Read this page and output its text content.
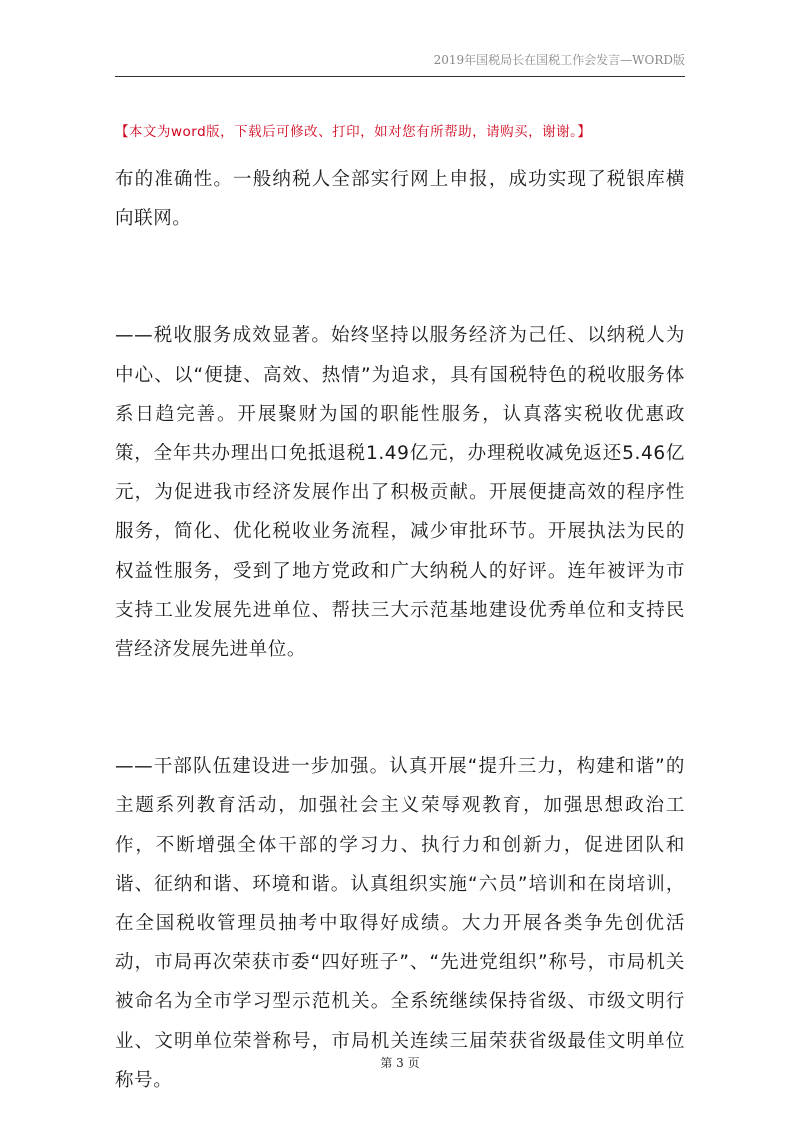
2019年国税局长在国税工作会发言—WORD版
【本文为word版，下载后可修改、打印，如对您有所帮助，请购买，谢谢。】

布的准确性。一般纳税人全部实行网上申报，成功实现了税银库横向联网。

——税收服务成效显著。始终坚持以服务经济为己任、以纳税人为中心、以“便捷、高效、热情”为追求，具有国税特色的税收服务体系日趋完善。开展聚财为国的职能性服务，认真落实税收优惠政策，全年共办理出口免抵退税1.49亿元，办理税收减免返还5.46亿元，为促进我市经济发展作出了积极贡献。开展便捷高效的程序性服务，简化、优化税收业务流程，减少审批环节。开展执法为民的权益性服务，受到了地方党政和广大纳税人的好评。连年被评为市支持工业发展先进单位、帮扶三大示范基地建设优秀单位和支持民营经济发展先进单位。

——干部队伍建设进一步加强。认真开展“提升三力，构建和谐”的主题系列教育活动，加强社会主义荣辱观教育，加强思想政治工作，不断增强全体干部的学习力、执行力和创新力，促进团队和谐、征纳和谐、环境和谐。认真组织实施“六员”培训和在岗培训，在全国税收管理员抽考中取得好成绩。大力开展各类争先创优活动，市局再次荣获市委“四好班子”、“先进党组织”称号，市局机关被命名为全市学习型示范机关。全系统继续保持省级、市级文明行业、文明单位荣誉称号，市局机关连续三届荣获省级最佳文明单位称号。

第 3 页
